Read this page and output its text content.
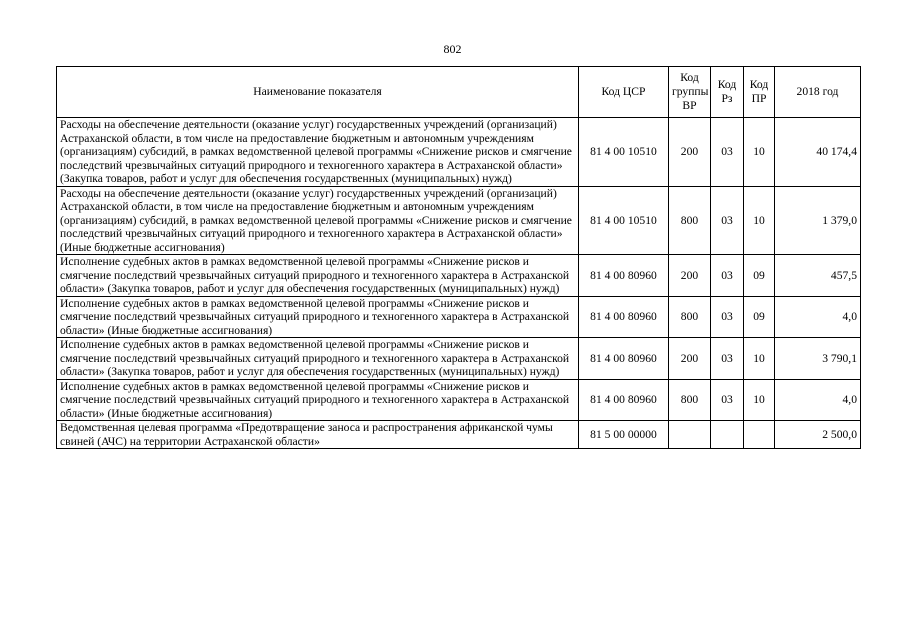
802
Наименование показателя	Код ЦСР	Код группы ВР	Код Рз	Код ПР	2018 год
Расходы на обеспечение деятельности (оказание услуг) государственных учреждений (организаций) Астраханской области, в том числе на предоставление бюджетным и автономным учреждениям (организациям) субсидий, в рамках ведомственной целевой программы «Снижение рисков и смягчение последствий чрезвычайных ситуаций природного и техногенного характера в Астраханской области» (Закупка товаров, работ и услуг для обеспечения государственных (муниципальных) нужд)	81 4 00 10510	200	03	10	40 174,4
Расходы на обеспечение деятельности (оказание услуг) государственных учреждений (организаций) Астраханской области, в том числе на предоставление бюджетным и автономным учреждениям (организациям) субсидий, в рамках ведомственной целевой программы «Снижение рисков и смягчение последствий чрезвычайных ситуаций природного и техногенного характера в Астраханской области» (Иные бюджетные ассигнования)	81 4 00 10510	800	03	10	1 379,0
Исполнение судебных актов в рамках ведомственной целевой программы «Снижение рисков и смягчение последствий чрезвычайных ситуаций природного и техногенного характера в Астраханской области» (Закупка товаров, работ и услуг для обеспечения государственных (муниципальных) нужд)	81 4 00 80960	200	03	09	457,5
Исполнение судебных актов в рамках ведомственной целевой программы «Снижение рисков и смягчение последствий чрезвычайных ситуаций природного и техногенного характера в Астраханской области» (Иные бюджетные ассигнования)	81 4 00 80960	800	03	09	4,0
Исполнение судебных актов в рамках ведомственной целевой программы «Снижение рисков и смягчение последствий чрезвычайных ситуаций природного и техногенного характера в Астраханской области» (Закупка товаров, работ и услуг для обеспечения государственных (муниципальных) нужд)	81 4 00 80960	200	03	10	3 790,1
Исполнение судебных актов в рамках ведомственной целевой программы «Снижение рисков и смягчение последствий чрезвычайных ситуаций природного и техногенного характера в Астраханской области» (Иные бюджетные ассигнования)	81 4 00 80960	800	03	10	4,0
Ведомственная целевая программа «Предотвращение заноса и распространения африканской чумы свиней (АЧС) на территории Астраханской области»	81 5 00 00000				2 500,0
